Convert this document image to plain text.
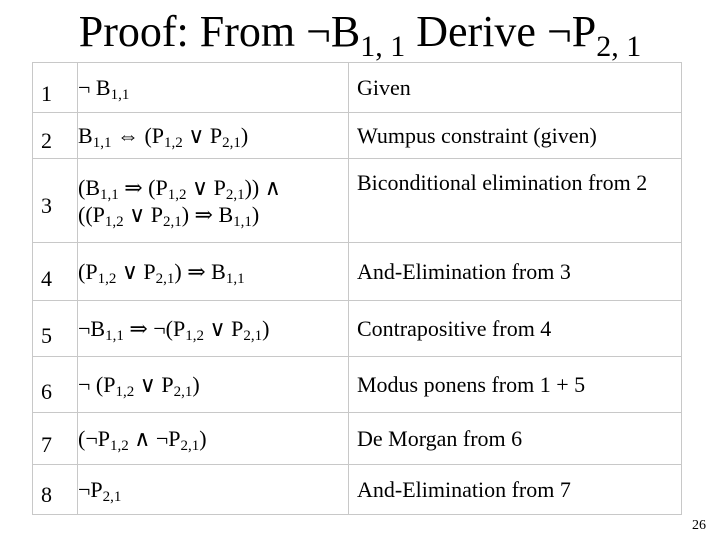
Proof: From $\neg B_{1, 1}$ Derive $\neg P_{2, 1}$
1	¬ $B_{1,1}$	Given

2	$B_{1,1}$ ⇔ ($P_{1,2}$ ∨ $P_{2,1}$)	Wumpus constraint (given)

3	($B_{1,1}$ ⇒ ($P_{1,2}$ ∨ $P_{2,1}$)) ∧
(($P_{1,2}$ ∨ $P_{2,1}$) ⇒ $B_{1,1}$)	Biconditional elimination from 2

4	($P_{1,2}$ ∨ $P_{2,1}$) ⇒ $B_{1,1}$	And-Elimination from 3

5	$\neg B_{1,1}$ ⇒ $\neg(P_{1,2}$ ∨ $P_{2,1}$)	Contrapositive from 4

6	¬ ($P_{1,2}$ ∨ $P_{2,1}$)	Modus ponens from 1 + 5

7	($\neg P_{1,2}$ ∧ $\neg P_{2,1}$)	De Morgan from 6

8	$\neg P_{2,1}$	And-Elimination from 7
26
